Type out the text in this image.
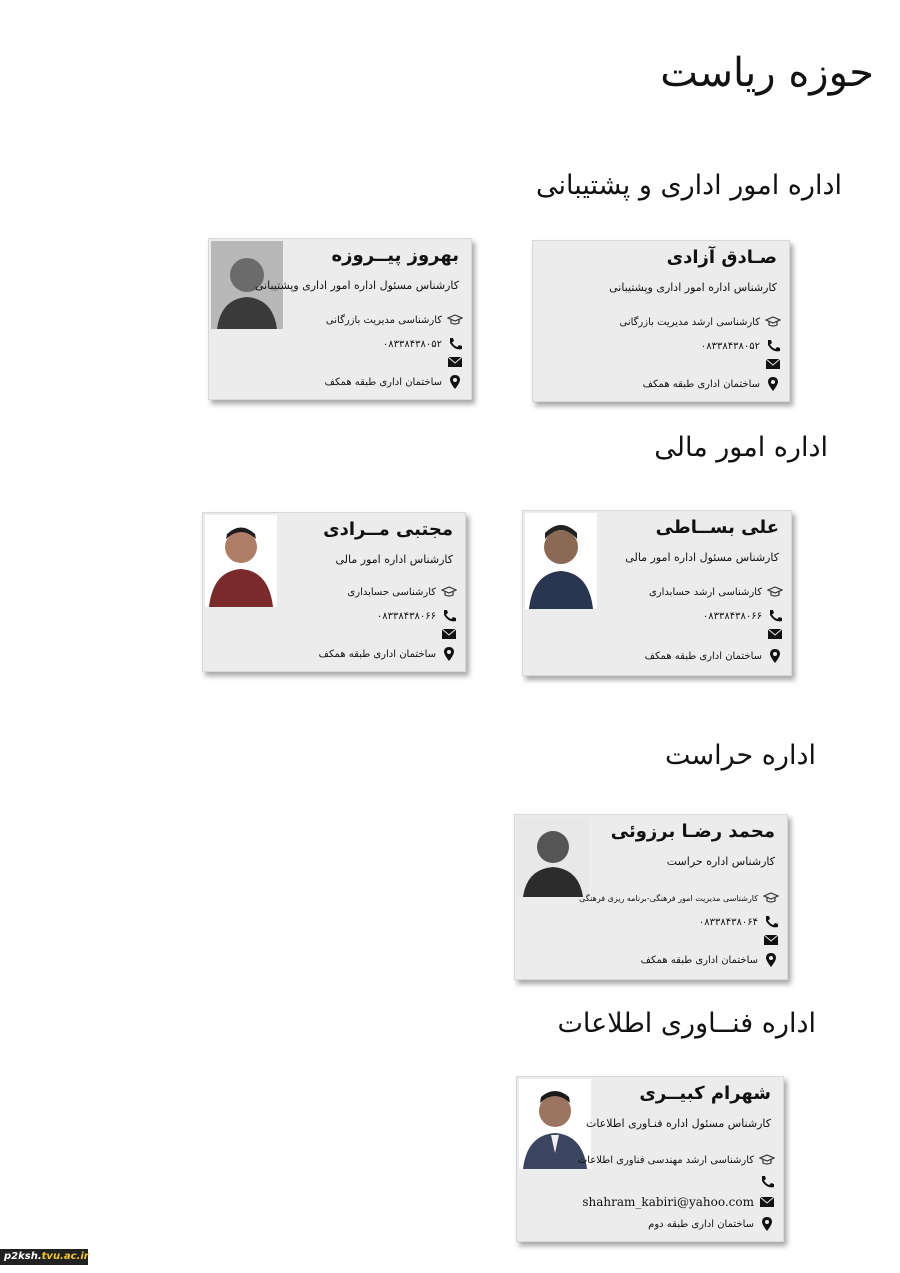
حوزه ریاست
اداره امور اداری و پشتیبانی
صـادق آزادی
کارشناس اداره امور اداری وپشتیبانی
کارشناسی ارشد مدیریت بازرگانی
۰۸۳۳۸۴۳۸۰۵۲
ساختمان اداری طبقه همکف
بهروز پیــروزه
کارشناس مسئول اداره امور اداری وپشتیبانی
کارشناسی مدیریت بازرگانی
۰۸۳۳۸۴۳۸۰۵۲
ساختمان اداری طبقه همکف
اداره امور مالی
علی بســاطی
کارشناس مسئول اداره امور مالی
کارشناسی ارشد حسابداری
۰۸۳۳۸۴۳۸۰۶۶
ساختمان اداری طبقه همکف
مجتبی مــرادی
کارشناس اداره امور مالی
کارشناسی حسابداری
۰۸۳۳۸۴۳۸۰۶۶
ساختمان اداری طبقه همکف
اداره حراست
محمد رضـا برزوئی
کارشناس اداره حراست
کارشناسی مدیریت امور فرهنگی-برنامه ریزی فرهنگی
۰۸۳۳۸۴۳۸۰۶۴
ساختمان اداری طبقه همکف
اداره فنــاوری اطلاعات
شهرام کبیــری
کارشناس مسئول اداره فنـاوری اطلاعات
کارشناسی ارشد مهندسی فناوری اطلاعات
shahram_kabiri@yahoo.com
ساختمان اداری طبقه دوم
p2ksh.tvu.ac.ir
